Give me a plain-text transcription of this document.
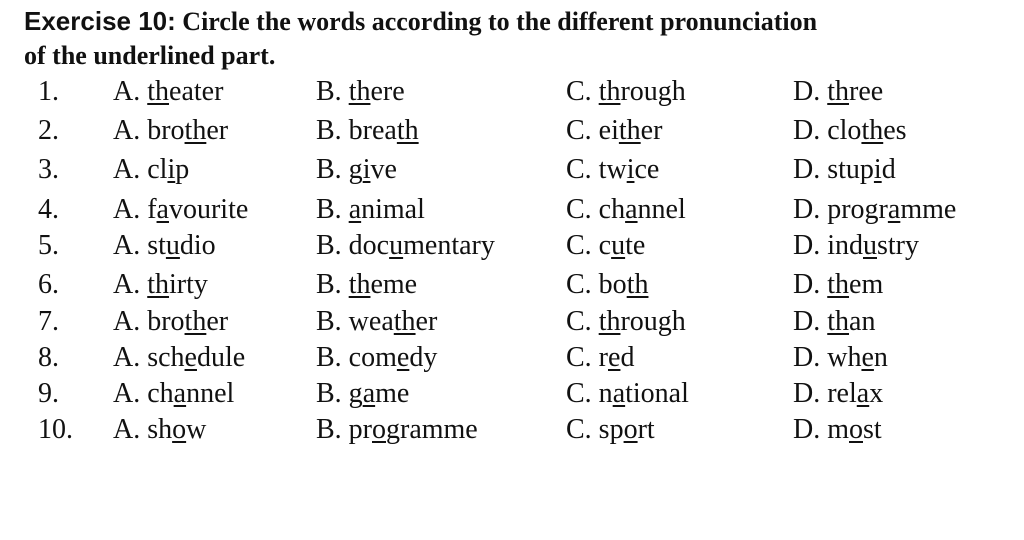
Exercise 10: Circle the words according to the different pronunciation
of the underlined part.
1. A. theater	B. there	C. through	D. three
2. A. brother	B. breath	C. either	D. clothes
3. A. clip	B. give	C. twice	D. stupid
4. A. favourite B. animal	C. channel	D. programme
5. A. studio	B. documentary	C. cute	D. industry
6. A. thirty	B. theme	C. both	D. them
7. A. brother	B. weather	C. through	D. than
8. A. schedule	B. comedy	C. red	D. when
9. A. channel	B. game	C. national	D. relax
10. A. show	B. programme	C. sport	D. most
